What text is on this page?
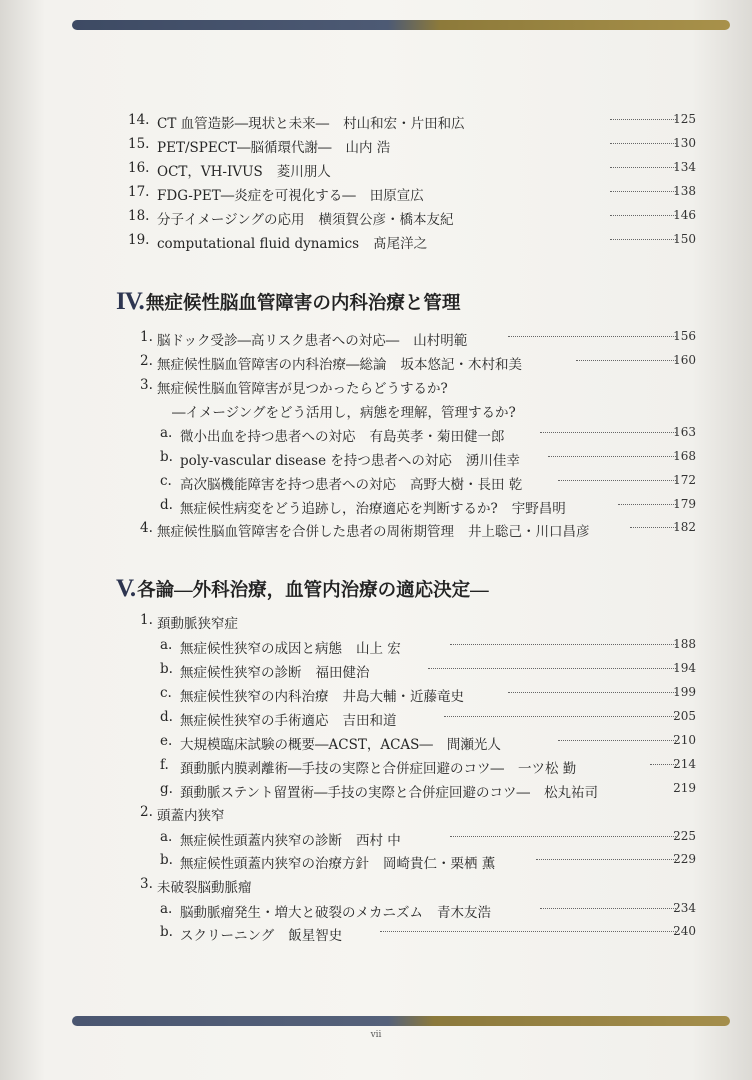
14. CT 血管造影―現状と未来― 村山和宏・片田和広	125
15. PET/SPECT―脳循環代謝― 山内 浩	130
16. OCT，VH-IVUS 菱川朋人	134
17. FDG-PET―炎症を可視化する― 田原宣広	138
18. 分子イメージングの応用 横須賀公彦・橋本友紀	146
19. computational fluid dynamics 髙尾洋之	150
IV. 無症候性脳血管障害の内科治療と管理
1. 脳ドック受診―高リスク患者への対応― 山村明範	156
2. 無症候性脳血管障害の内科治療―総論 坂本悠記・木村和美	160
3. 無症候性脳血管障害が見つかったらどうするか?
―イメージングをどう活用し，病態を理解，管理するか?
a. 微小出血を持つ患者への対応 有島英孝・菊田健一郎	163
b. poly-vascular disease を持つ患者への対応 湧川佳幸	168
c. 高次脳機能障害を持つ患者への対応 高野大樹・長田 乾	172
d. 無症候性病変をどう追跡し，治療適応を判断するか? 宇野昌明	179
4. 無症候性脳血管障害を合併した患者の周術期管理 井上聡己・川口昌彦	182
V. 各論―外科治療，血管内治療の適応決定―
1. 頚動脈狭窄症
a. 無症候性狭窄の成因と病態 山上 宏	188
b. 無症候性狭窄の診断 福田健治	194
c. 無症候性狭窄の内科治療 井島大輔・近藤竜史	199
d. 無症候性狭窄の手術適応 吉田和道	205
e. 大規模臨床試験の概要―ACST，ACAS― 間瀬光人	210
f. 頚動脈内膜剥離術―手技の実際と合併症回避のコツ― 一ツ松 勤	214
g. 頚動脈ステント留置術―手技の実際と合併症回避のコツ― 松丸祐司	219
2. 頭蓋内狭窄
a. 無症候性頭蓋内狭窄の診断 西村 中	225
b. 無症候性頭蓋内狭窄の治療方針 岡崎貴仁・栗栖 薫	229
3. 未破裂脳動脈瘤
a. 脳動脈瘤発生・増大と破裂のメカニズム 青木友浩	234
b. スクリーニング 飯星智史	240
vii
